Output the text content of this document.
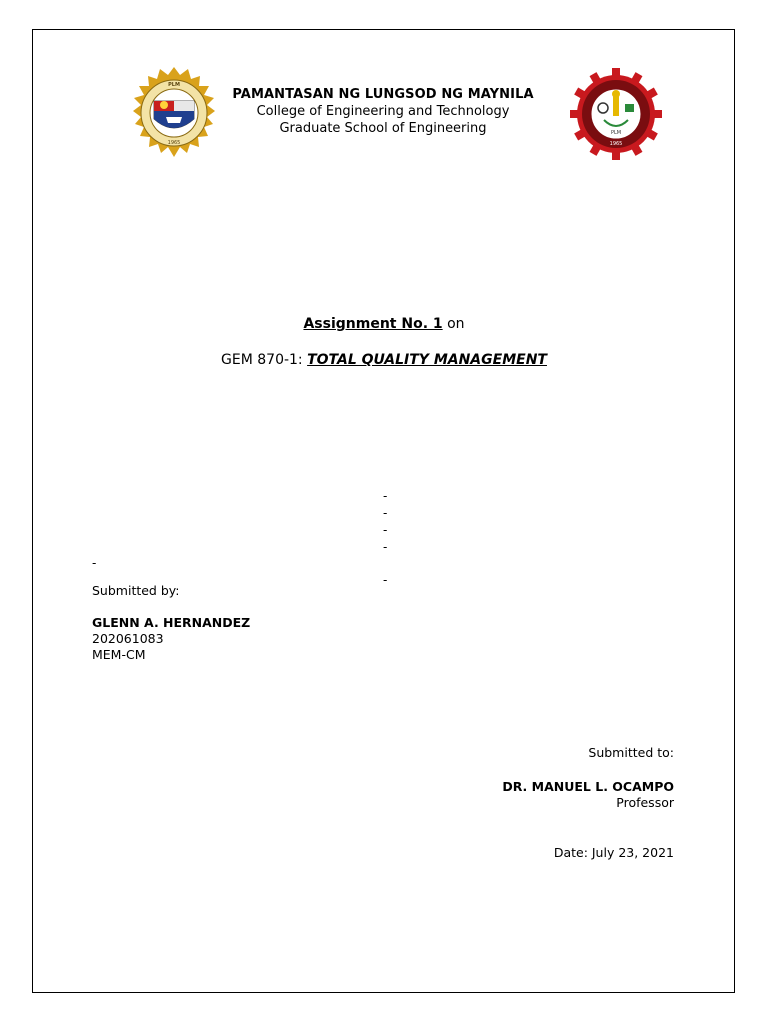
PLM
1965
PLM
1965
PAMANTASAN NG LUNGSOD NG MAYNILA
College of Engineering and Technology
Graduate School of Engineering
Assignment No. 1 on
GEM 870-1: TOTAL QUALITY MANAGEMENT
-
-
-
-
-
-
Submitted by:
GLENN A. HERNANDEZ
202061083
MEM-CM
Submitted to:
DR. MANUEL L. OCAMPO
Professor
Date: July 23, 2021
